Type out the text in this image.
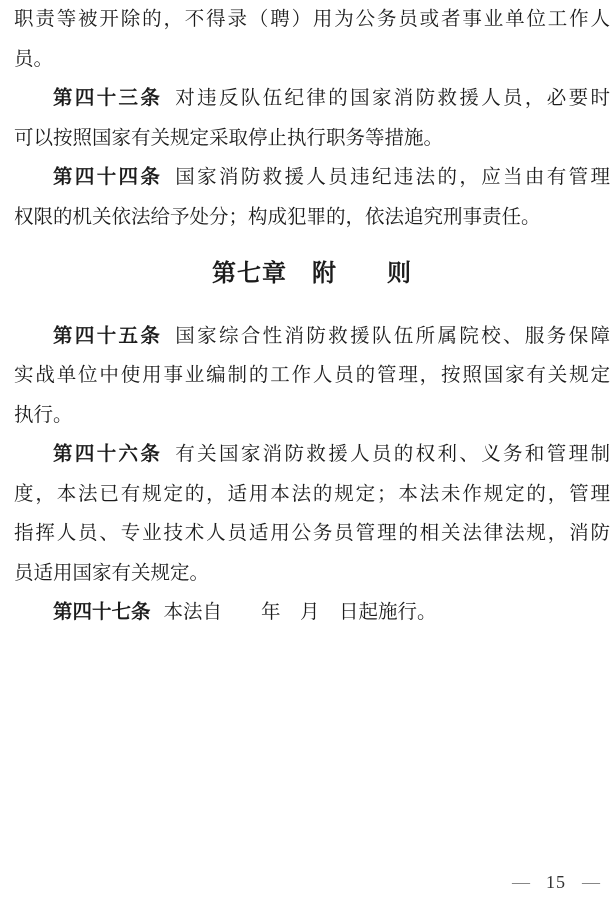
职责等被开除的，不得录（聘）用为公务员或者事业单位工作人
员。
第四十三条 对违反队伍纪律的国家消防救援人员，必要时
可以按照国家有关规定采取停止执行职务等措施。
第四十四条 国家消防救援人员违纪违法的，应当由有管理
权限的机关依法给予处分；构成犯罪的，依法追究刑事责任。
第七章　附　　则
第四十五条 国家综合性消防救援队伍所属院校、服务保障
实战单位中使用事业编制的工作人员的管理，按照国家有关规定
执行。
第四十六条 有关国家消防救援人员的权利、义务和管理制
度，本法已有规定的，适用本法的规定；本法未作规定的，管理
指挥人员、专业技术人员适用公务员管理的相关法律法规，消防
员适用国家有关规定。
第四十七条 本法自　　年　月　日起施行。
— 15 —
